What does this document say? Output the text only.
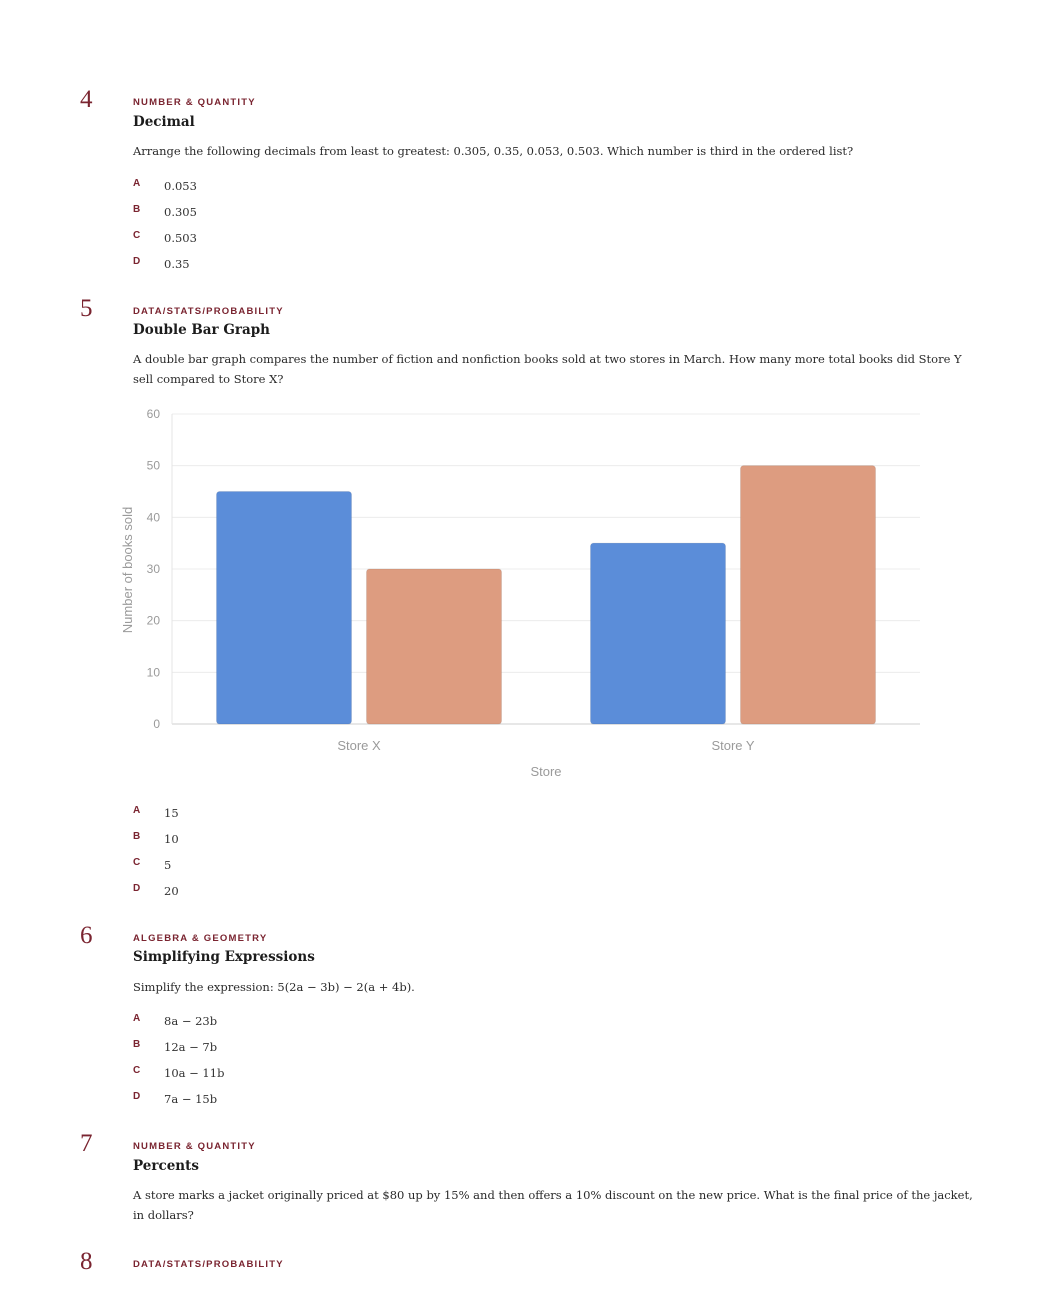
4	NUMBER & QUANTITY
Decimal
Arrange the following decimals from least to greatest: 0.305, 0.35, 0.053, 0.503. Which number is third in the ordered list?
A 0.053
B 0.305
C 0.503
D 0.35
5	DATA/STATS/PROBABILITY
Double Bar Graph
A double bar graph compares the number of fiction and nonfiction books sold at two stores in March. How many more total books did Store Y sell compared to Store X?
0
10
20
30
40
50
60
Store X	Store Y
Number of books sold
Store
A 15
B 10
C 5
D 20
6	ALGEBRA & GEOMETRY
Simplifying Expressions
Simplify the expression: 5(2a − 3b) − 2(a + 4b).
A 8a − 23b
B 12a − 7b
C 10a − 11b
D 7a − 15b
7	NUMBER & QUANTITY
Percents
A store marks a jacket originally priced at $80 up by 15% and then offers a 10% discount on the new price. What is the final price of the jacket, in dollars?
8	DATA/STATS/PROBABILITY
